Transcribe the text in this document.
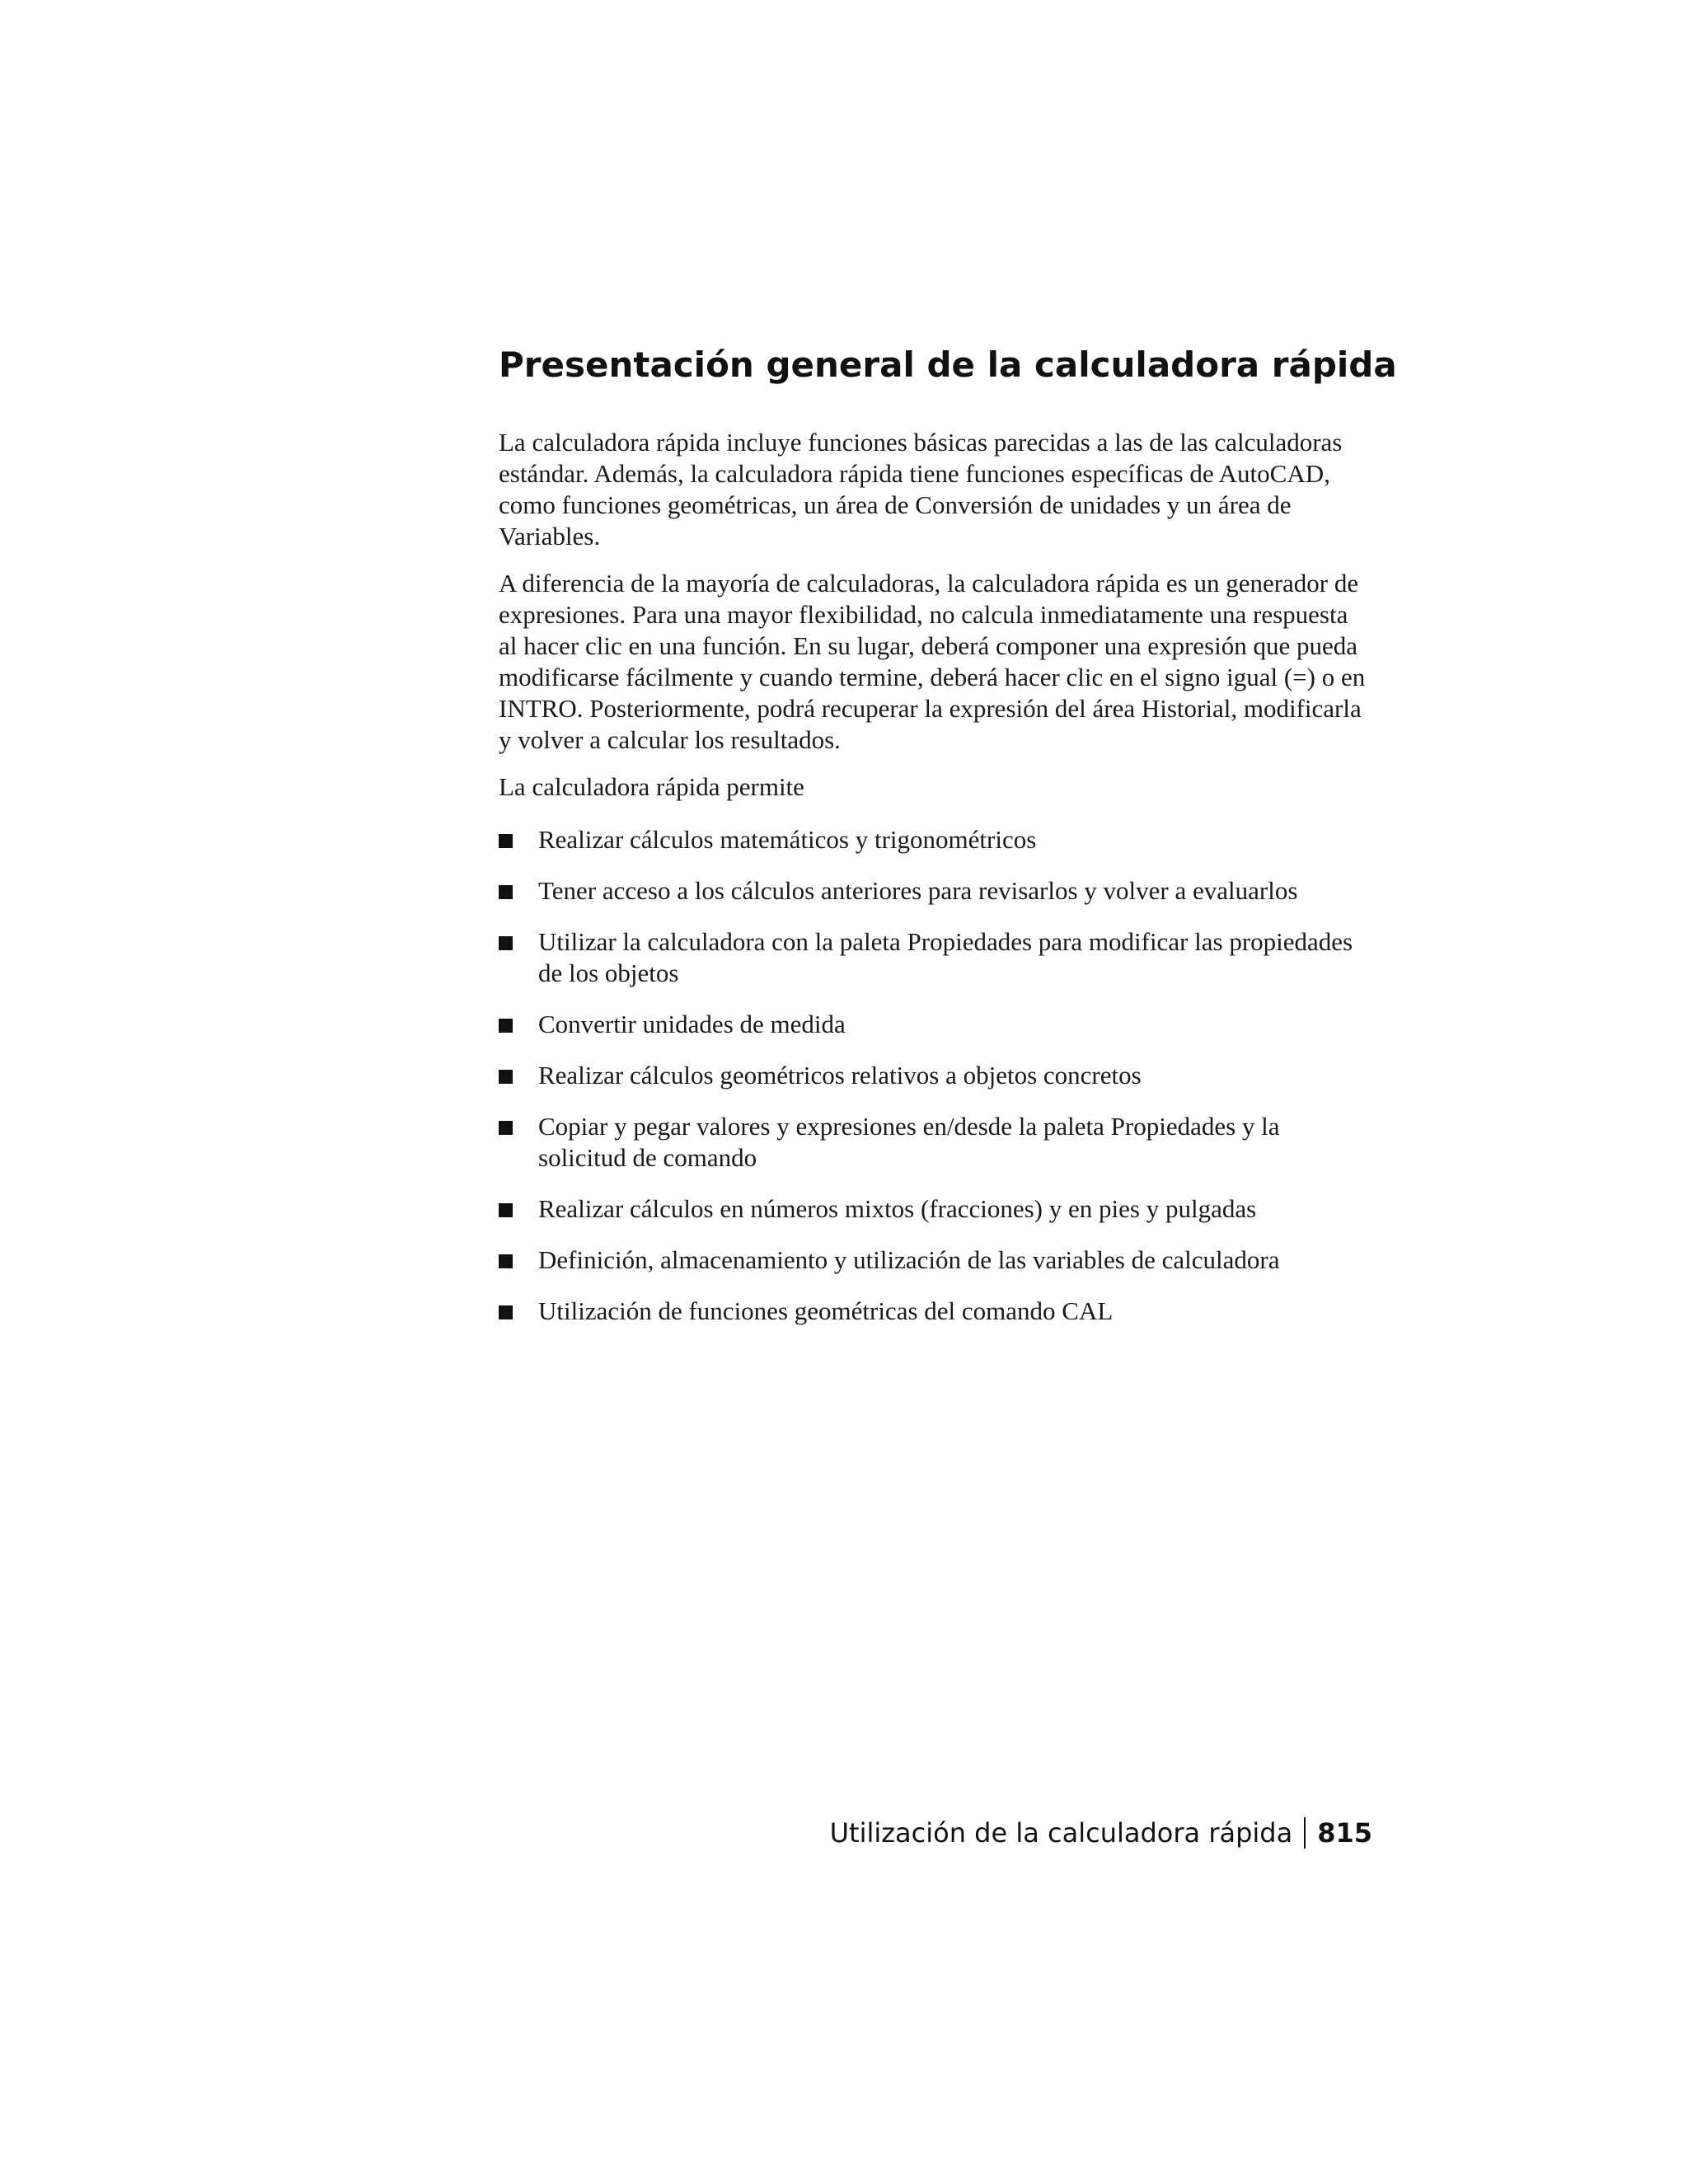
Presentación general de la calculadora rápida

La calculadora rápida incluye funciones básicas parecidas a las de las calculadoras estándar. Además, la calculadora rápida tiene funciones específicas de AutoCAD, como funciones geométricas, un área de Conversión de unidades y un área de Variables.

A diferencia de la mayoría de calculadoras, la calculadora rápida es un generador de expresiones. Para una mayor flexibilidad, no calcula inmediatamente una respuesta al hacer clic en una función. En su lugar, deberá componer una expresión que pueda modificarse fácilmente y cuando termine, deberá hacer clic en el signo igual (=) o en INTRO. Posteriormente, podrá recuperar la expresión del área Historial, modificarla y volver a calcular los resultados.

La calculadora rápida permite

Realizar cálculos matemáticos y trigonométricos
Tener acceso a los cálculos anteriores para revisarlos y volver a evaluarlos
Utilizar la calculadora con la paleta Propiedades para modificar las propiedades de los objetos
Convertir unidades de medida
Realizar cálculos geométricos relativos a objetos concretos
Copiar y pegar valores y expresiones en/desde la paleta Propiedades y la solicitud de comando
Realizar cálculos en números mixtos (fracciones) y en pies y pulgadas
Definición, almacenamiento y utilización de las variables de calculadora
Utilización de funciones geométricas del comando CAL
Utilización de la calculadora rápida 815
